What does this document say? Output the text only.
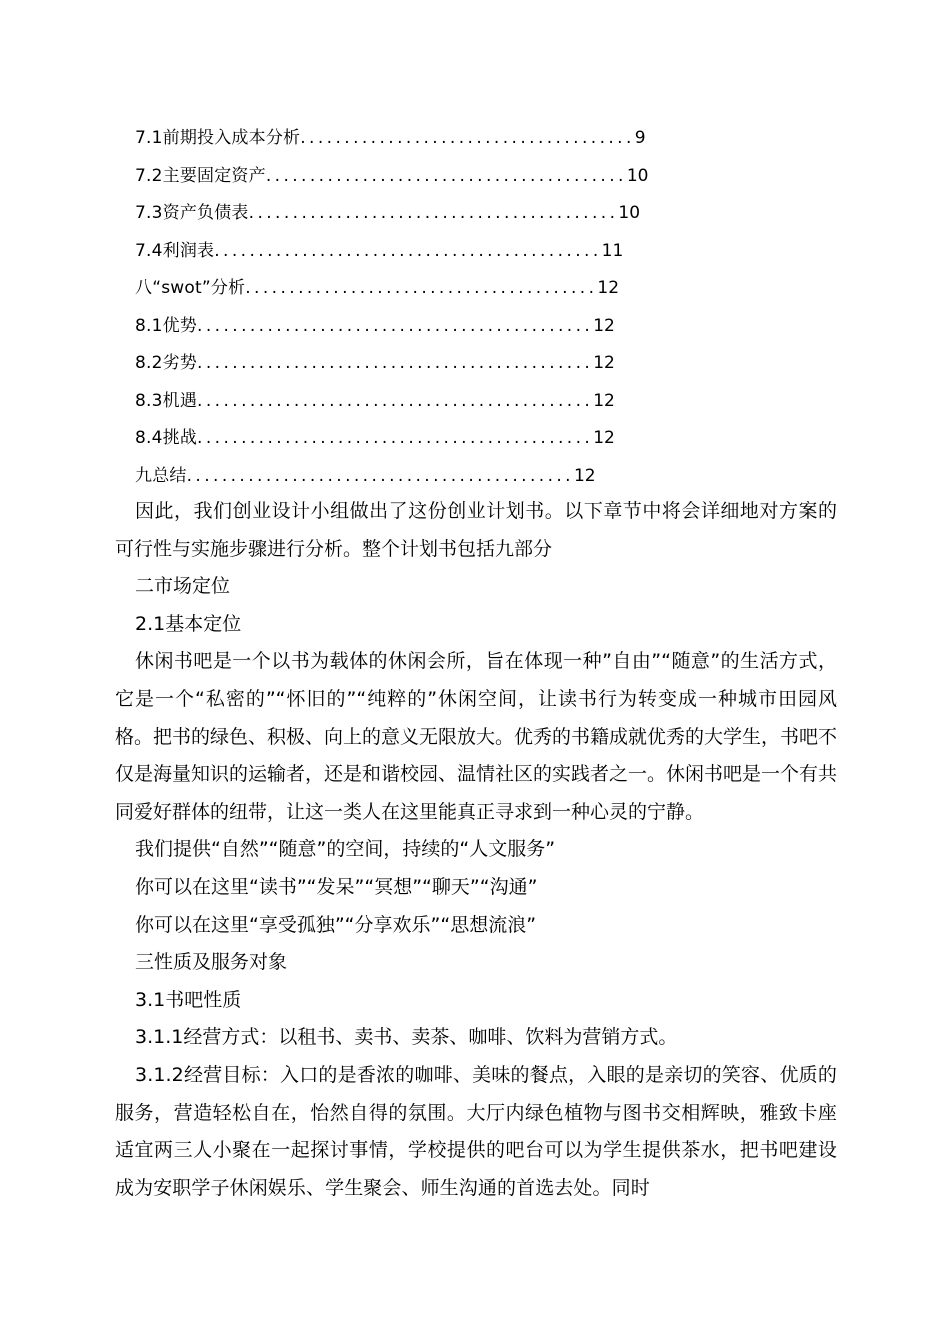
7.1前期投入成本分析......................................9
7.2主要固定资产.........................................10
7.3资产负债表..........................................10
7.4利润表............................................11
八“swot”分析........................................12
8.1优势.............................................12
8.2劣势.............................................12
8.3机遇.............................................12
8.4挑战.............................................12
九总结............................................12

因此，我们创业设计小组做出了这份创业计划书。以下章节中将会详细地对方案的可行性与实施步骤进行分析。整个计划书包括九部分

二市场定位

2.1基本定位

休闲书吧是一个以书为载体的休闲会所，旨在体现一种”自由”“随意”的生活方式，它是一个“私密的”“怀旧的”“纯粹的”休闲空间，让读书行为转变成一种城市田园风格。把书的绿色、积极、向上的意义无限放大。优秀的书籍成就优秀的大学生，书吧不仅是海量知识的运输者，还是和谐校园、温情社区的实践者之一。休闲书吧是一个有共同爱好群体的纽带，让这一类人在这里能真正寻求到一种心灵的宁静。

我们提供“自然”“随意”的空间，持续的“人文服务”

你可以在这里“读书”“发呆”“冥想”“聊天”“沟通”

你可以在这里“享受孤独”“分享欢乐”“思想流浪”

三性质及服务对象

3.1书吧性质

3.1.1经营方式：以租书、卖书、卖茶、咖啡、饮料为营销方式。

3.1.2经营目标：入口的是香浓的咖啡、美味的餐点，入眼的是亲切的笑容、优质的服务，营造轻松自在，怡然自得的氛围。大厅内绿色植物与图书交相辉映，雅致卡座适宜两三人小聚在一起探讨事情，学校提供的吧台可以为学生提供茶水，把书吧建设成为安职学子休闲娱乐、学生聚会、师生沟通的首选去处。同时
